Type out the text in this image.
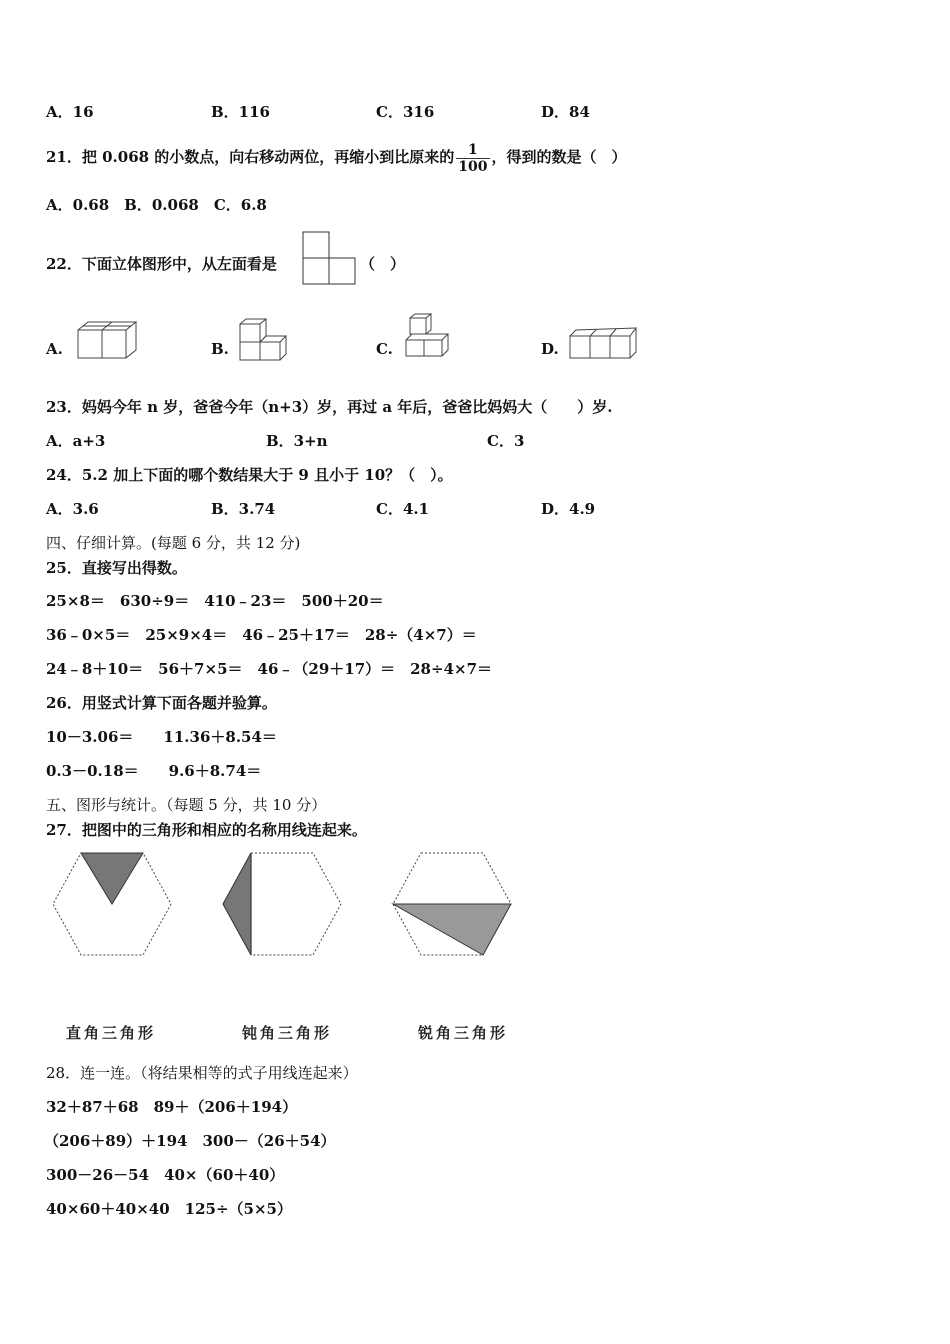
A．16	B．116	C．316	D．84
21．把 0.068 的小数点，向右移动两位，再缩小到比原来的 $\frac{1}{100}$ ，得到的数是（　）
A．0.68　B．0.068　C．6.8
22．下面立体图形中，从左面看是	（　）
A.	B.	C.	D.
23．妈妈今年 n 岁，爸爸今年（n+3）岁，再过 a 年后，爸爸比妈妈大（　　）岁.
A．a+3	B．3+n	C．3
24．5.2 加上下面的哪个数结果大于 9 且小于 10？（　）。
A．3.6	B．3.74	C．4.1	D．4.9
四、仔细计算。(每题 6 分，共 12 分)
25．直接写出得数。
25×8＝　630÷9＝　410﹣23＝　500＋20＝
36﹣0×5＝　25×9×4＝　46﹣25＋17＝　28÷（4×7）＝
24﹣8＋10＝　56＋7×5＝　46﹣（29＋17）＝　28÷4×7＝
26．用竖式计算下面各题并验算。
10－3.06＝　　11.36＋8.54＝
0.3－0.18＝　　9.6＋8.74＝
五、图形与统计。（每题 5 分，共 10 分）
27．把图中的三角形和相应的名称用线连起来。
直角三角形	钝角三角形	锐角三角形
28．连一连。（将结果相等的式子用线连起来）
32＋87＋68　89＋（206＋194）
（206＋89）＋194　300－（26＋54）
300－26－54　40×（60＋40）
40×60＋40×40　125÷（5×5）
